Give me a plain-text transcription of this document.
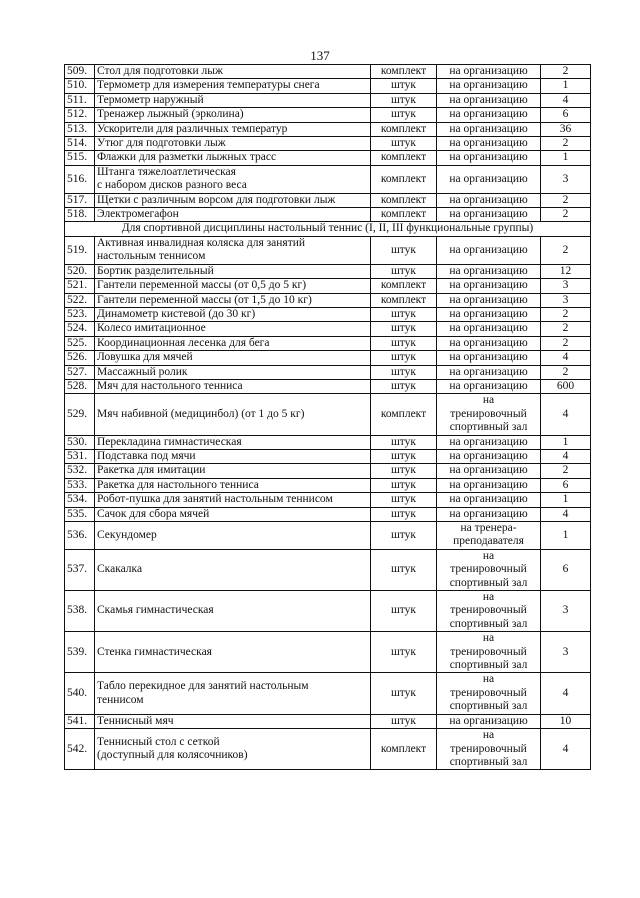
137
509.	Стол для подготовки лыж	комплект	на организацию	2
510.	Термометр для измерения температуры снега	штук	на организацию	1
511.	Термометр наружный	штук	на организацию	4
512.	Тренажер лыжный (эрколина)	штук	на организацию	6
513.	Ускорители для различных температур	комплект	на организацию	36
514.	Утюг для подготовки лыж	штук	на организацию	2
515.	Флажки для разметки лыжных трасс	комплект	на организацию	1
516.	Штанга тяжелоатлетическая
с набором дисков разного веса	комплект	на организацию	3
517.	Щетки с различным ворсом для подготовки лыж	комплект	на организацию	2
518.	Электромегафон	комплект	на организацию	2
Для спортивной дисциплины настольный теннис (I, II, III функциональные группы)				
519.	Активная инвалидная коляска для занятий
настольным теннисом	штук	на организацию	2
520.	Бортик разделительный	штук	на организацию	12
521.	Гантели переменной массы (от 0,5 до 5 кг)	комплект	на организацию	3
522.	Гантели переменной массы (от 1,5 до 10 кг)	комплект	на организацию	3
523.	Динамометр кистевой (до 30 кг)	штук	на организацию	2
524.	Колесо имитационное	штук	на организацию	2
525.	Координационная лесенка для бега	штук	на организацию	2
526.	Ловушка для мячей	штук	на организацию	4
527.	Массажный ролик	штук	на организацию	2
528.	Мяч для настольного тенниса	штук	на организацию	600
529.	Мяч набивной (медицинбол) (от 1 до 5 кг)	комплект	на
тренировочный
спортивный зал	4
530.	Перекладина гимнастическая	штук	на организацию	1
531.	Подставка под мячи	штук	на организацию	4
532.	Ракетка для имитации	штук	на организацию	2
533.	Ракетка для настольного тенниса	штук	на организацию	6
534.	Робот-пушка для занятий настольным теннисом	штук	на организацию	1
535.	Сачок для сбора мячей	штук	на организацию	4
536.	Секундомер	штук	на тренера-
преподавателя	1
537.	Скакалка	штук	на
тренировочный
спортивный зал	6
538.	Скамья гимнастическая	штук	на
тренировочный
спортивный зал	3
539.	Стенка гимнастическая	штук	на
тренировочный
спортивный зал	3
540.	Табло перекидное для занятий настольным
теннисом	штук	на
тренировочный
спортивный зал	4
541.	Теннисный мяч	штук	на организацию	10
542.	Теннисный стол с сеткой
(доступный для колясочников)	комплект	на
тренировочный
спортивный зал	4
